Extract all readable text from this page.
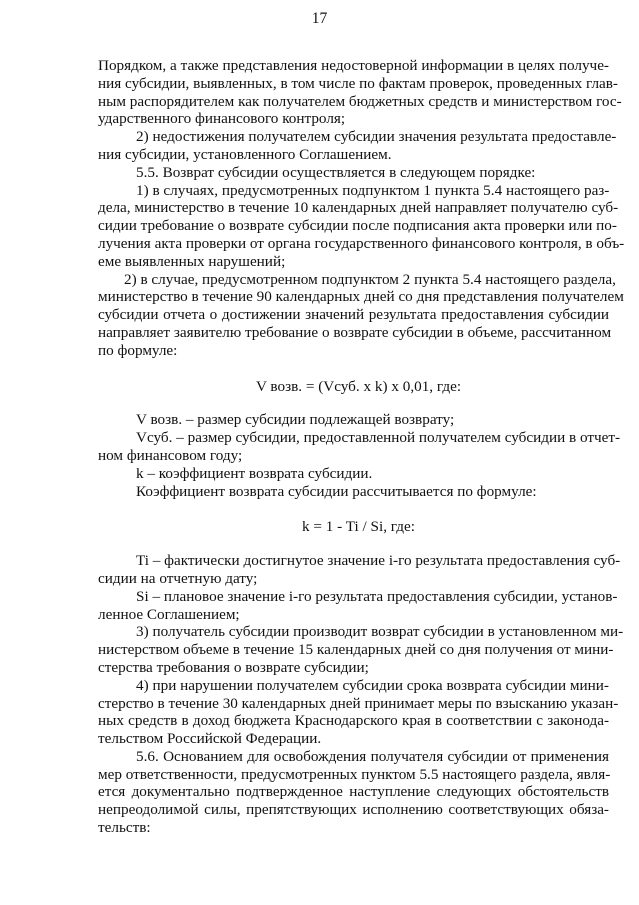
17
Порядком, а также представления недостоверной информации в целях получе-
ния субсидии, выявленных, в том числе по фактам проверок, проведенных глав-
ным распорядителем как получателем бюджетных средств и министерством гос-
ударственного финансового контроля;
2) недостижения получателем субсидии значения результата предоставле-
ния субсидии, установленного Соглашением.
5.5. Возврат субсидии осуществляется в следующем порядке:
1) в случаях, предусмотренных подпунктом 1 пункта 5.4 настоящего раз-
дела, министерство в течение 10 календарных дней направляет получателю суб-
сидии требование о возврате субсидии после подписания акта проверки или по-
лучения акта проверки от органа государственного финансового контроля, в объ-
еме выявленных нарушений;
2) в случае, предусмотренном подпунктом 2 пункта 5.4 настоящего раздела,
министерство в течение 90 календарных дней со дня представления получателем
субсидии отчета о достижении значений результата предоставления субсидии
направляет заявителю требование о возврате субсидии в объеме, рассчитанном
по формуле:
V возв. = (Vсуб. x k) x 0,01, где:
V возв. – размер субсидии подлежащей возврату;
Vсуб. – размер субсидии, предоставленной получателем субсидии в отчет-
ном финансовом году;
k – коэффициент возврата субсидии.
Коэффициент возврата субсидии рассчитывается по формуле:
k = 1 - Ti / Si, где:
Ti – фактически достигнутое значение i-го результата предоставления суб-
сидии на отчетную дату;
Si – плановое значение i-го результата предоставления субсидии, установ-
ленное Соглашением;
3) получатель субсидии производит возврат субсидии в установленном ми-
нистерством объеме в течение 15 календарных дней со дня получения от мини-
стерства требования о возврате субсидии;
4) при нарушении получателем субсидии срока возврата субсидии мини-
стерство в течение 30 календарных дней принимает меры по взысканию указан-
ных средств в доход бюджета Краснодарского края в соответствии с законода-
тельством Российской Федерации.
5.6. Основанием для освобождения получателя субсидии от применения
мер ответственности, предусмотренных пунктом 5.5 настоящего раздела, явля-
ется документально подтвержденное наступление следующих обстоятельств
непреодолимой силы, препятствующих исполнению соответствующих обяза-
тельств:
